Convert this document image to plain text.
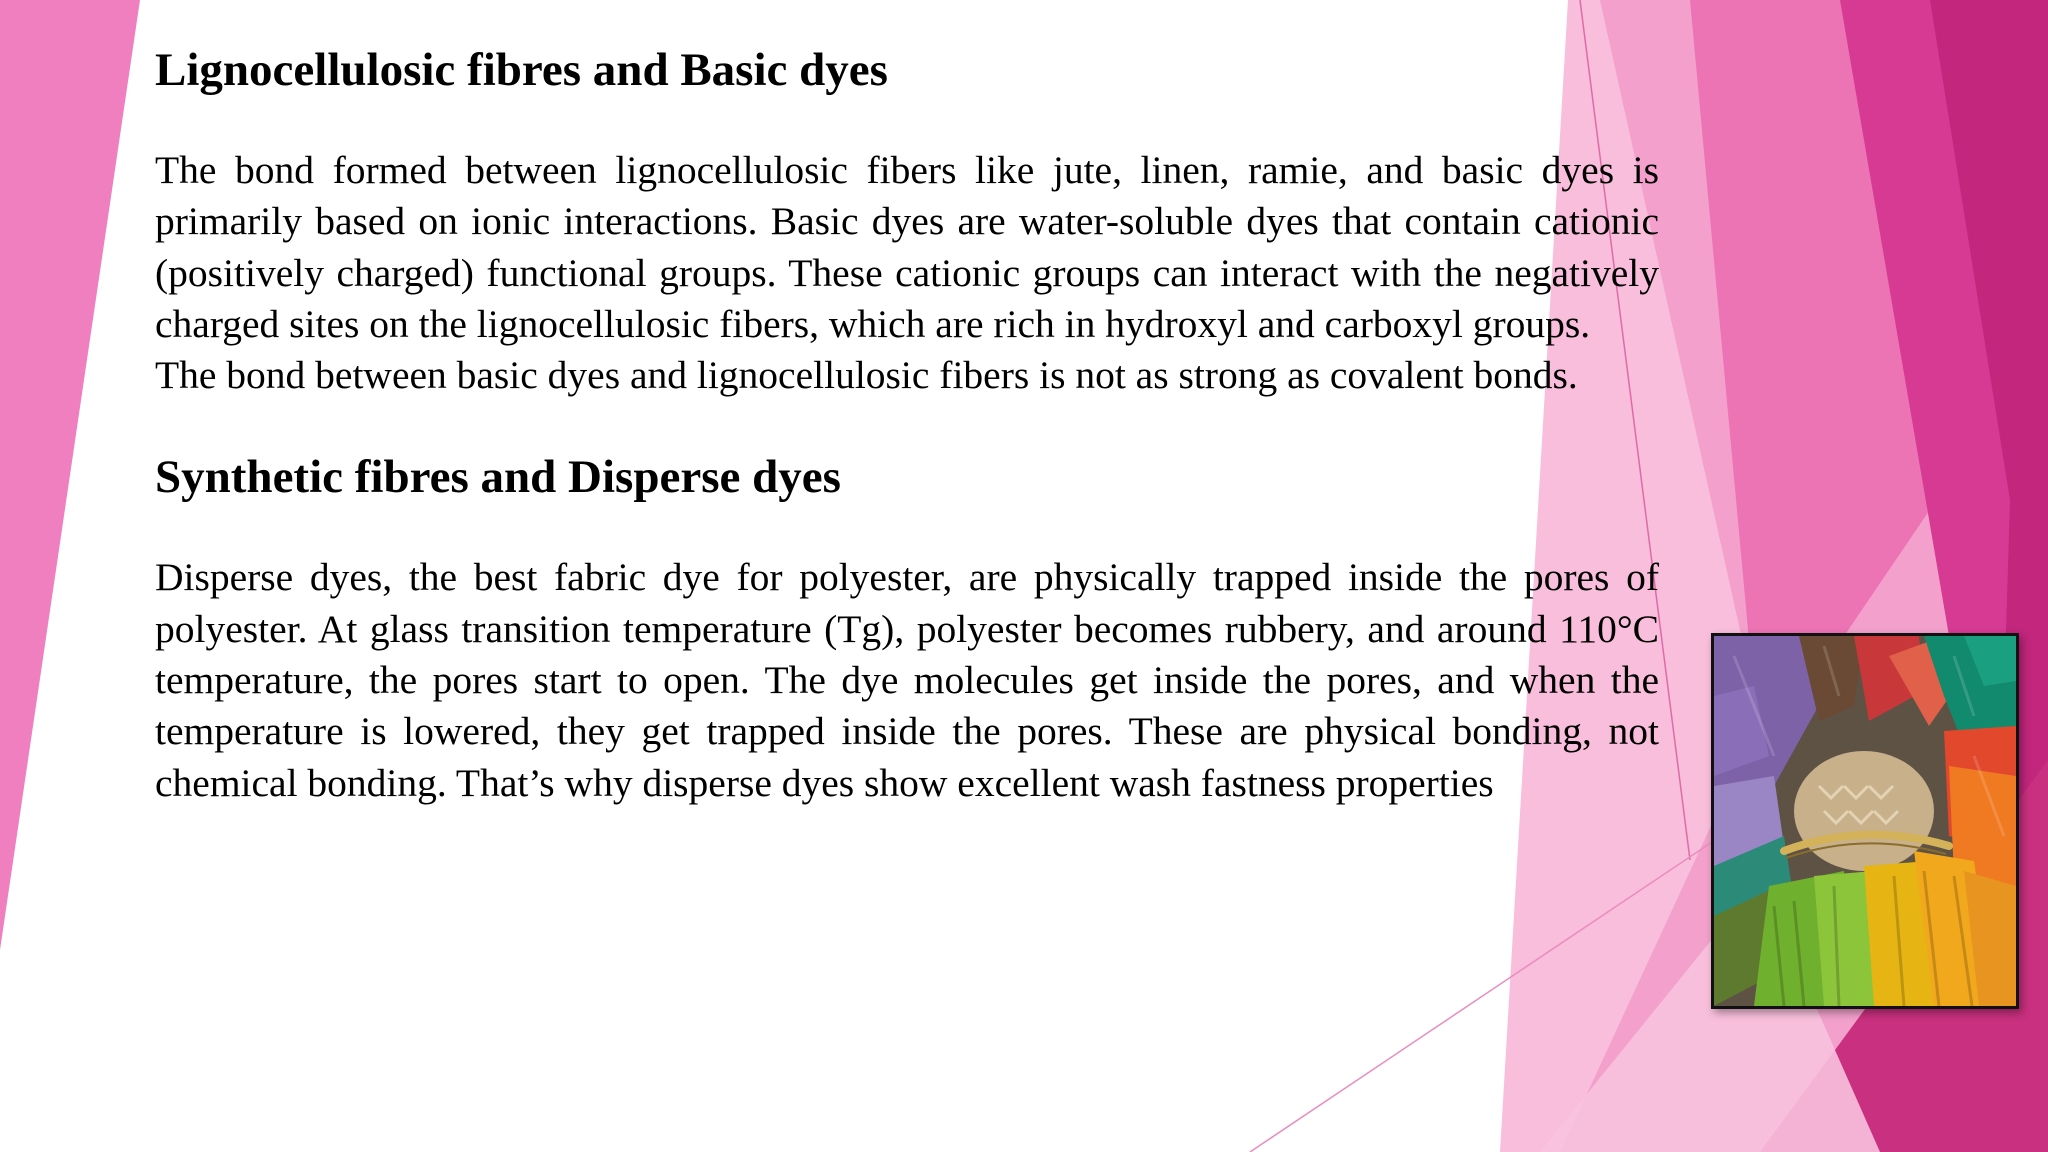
Lignocellulosic fibres and Basic dyes

The bond formed between lignocellulosic fibers like jute, linen, ramie, and basic dyes is primarily based on ionic interactions. Basic dyes are water-soluble dyes that contain cationic (positively charged) functional groups. These cationic groups can interact with the negatively charged sites on the lignocellulosic fibers, which are rich in hydroxyl and carboxyl groups.

The bond between basic dyes and lignocellulosic fibers is not as strong as covalent bonds.

Synthetic fibres and Disperse dyes

Disperse dyes, the best fabric dye for polyester, are physically trapped inside the pores of polyester. At glass transition temperature (Tg), polyester becomes rubbery, and around 110°C temperature, the pores start to open. The dye molecules get inside the pores, and when the temperature is lowered, they get trapped inside the pores. These are physical bonding, not chemical bonding. That’s why disperse dyes show excellent wash fastness properties
